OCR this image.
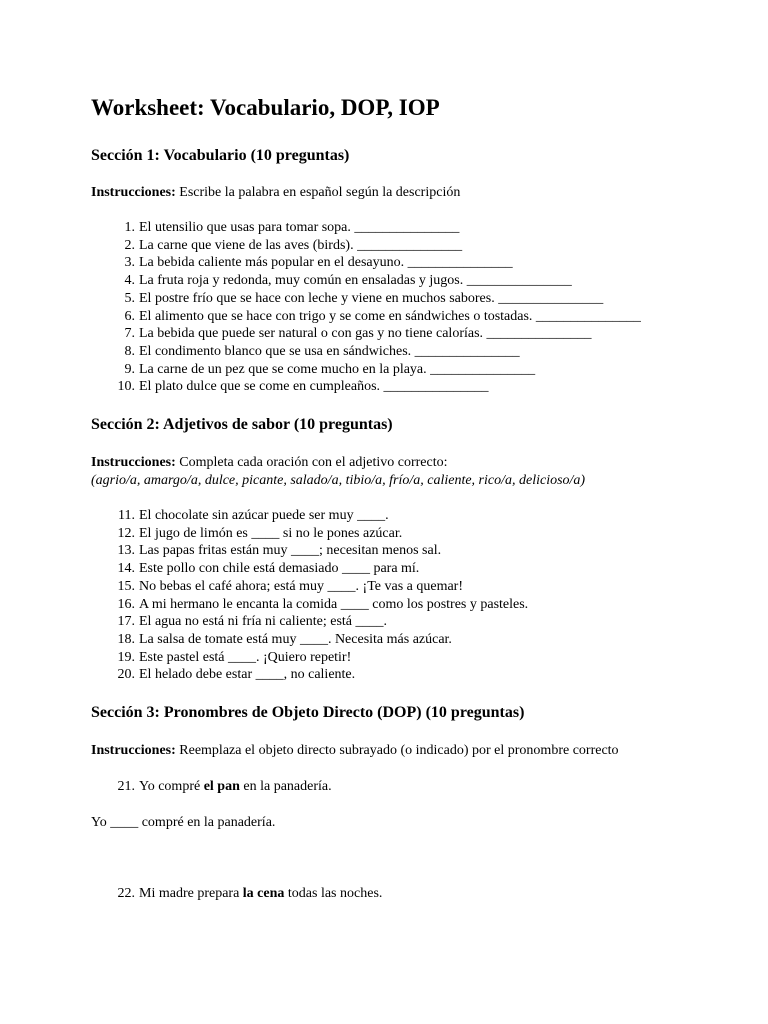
Worksheet: Vocabulario, DOP, IOP
Sección 1: Vocabulario (10 preguntas)

Instrucciones: Escribe la palabra en español según la descripción

1. El utensilio que usas para tomar sopa. _______________
2. La carne que viene de las aves (birds). _______________
3. La bebida caliente más popular en el desayuno. _______________
4. La fruta roja y redonda, muy común en ensaladas y jugos. _______________
5. El postre frío que se hace con leche y viene en muchos sabores. _______________
6. El alimento que se hace con trigo y se come en sándwiches o tostadas. _______________
7. La bebida que puede ser natural o con gas y no tiene calorías. _______________
8. El condimento blanco que se usa en sándwiches. _______________
9. La carne de un pez que se come mucho en la playa. _______________
10. El plato dulce que se come en cumpleaños. _______________
Sección 2: Adjetivos de sabor (10 preguntas)

Instrucciones: Completa cada oración con el adjetivo correcto:

(agrio/a, amargo/a, dulce, picante, salado/a, tibio/a, frío/a, caliente, rico/a, delicioso/a)

11. El chocolate sin azúcar puede ser muy ____.
12. El jugo de limón es ____ si no le pones azúcar.
13. Las papas fritas están muy ____; necesitan menos sal.
14. Este pollo con chile está demasiado ____ para mí.
15. No bebas el café ahora; está muy ____. ¡Te vas a quemar!
16. A mi hermano le encanta la comida ____ como los postres y pasteles.
17. El agua no está ni fría ni caliente; está ____.
18. La salsa de tomate está muy ____. Necesita más azúcar.
19. Este pastel está ____. ¡Quiero repetir!
20. El helado debe estar ____, no caliente.
Sección 3: Pronombres de Objeto Directo (DOP) (10 preguntas)

Instrucciones: Reemplaza el objeto directo subrayado (o indicado) por el pronombre correcto

21. Yo compré el pan en la panadería.

Yo ____ compré en la panadería.

22. Mi madre prepara la cena todas las noches.
